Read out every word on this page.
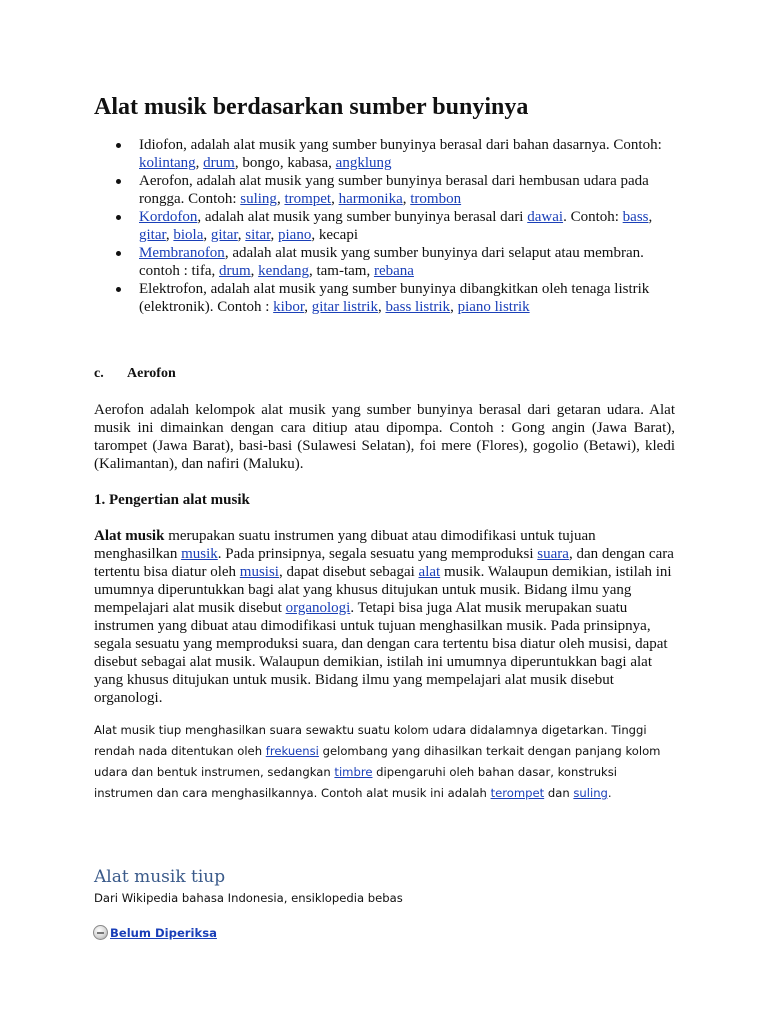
Alat musik berdasarkan sumber bunyinya
Idiofon, adalah alat musik yang sumber bunyinya berasal dari bahan dasarnya. Contoh: kolintang, drum, bongo, kabasa, angklung
Aerofon, adalah alat musik yang sumber bunyinya berasal dari hembusan udara pada rongga. Contoh: suling, trompet, harmonika, trombon
Kordofon, adalah alat musik yang sumber bunyinya berasal dari dawai. Contoh: bass, gitar, biola, gitar, sitar, piano, kecapi
Membranofon, adalah alat musik yang sumber bunyinya dari selaput atau membran. contoh : tifa, drum, kendang, tam-tam, rebana
Elektrofon, adalah alat musik yang sumber bunyinya dibangkitkan oleh tenaga listrik (elektronik). Contoh : kibor, gitar listrik, bass listrik, piano listrik
c. Aerofon

Aerofon adalah kelompok alat musik yang sumber bunyinya berasal dari getaran udara. Alat musik ini dimainkan dengan cara ditiup atau dipompa. Contoh : Gong angin (Jawa Barat), tarompet (Jawa Barat), basi-basi (Sulawesi Selatan), foi mere (Flores), gogolio (Betawi), kledi (Kalimantan), dan nafiri (Maluku).

1. Pengertian alat musik

Alat musik merupakan suatu instrumen yang dibuat atau dimodifikasi untuk tujuan menghasilkan musik. Pada prinsipnya, segala sesuatu yang memproduksi suara, dan dengan cara tertentu bisa diatur oleh musisi, dapat disebut sebagai alat musik. Walaupun demikian, istilah ini umumnya diperuntukkan bagi alat yang khusus ditujukan untuk musik. Bidang ilmu yang mempelajari alat musik disebut organologi. Tetapi bisa juga Alat musik merupakan suatu instrumen yang dibuat atau dimodifikasi untuk tujuan menghasilkan musik. Pada prinsipnya, segala sesuatu yang memproduksi suara, dan dengan cara tertentu bisa diatur oleh musisi, dapat disebut sebagai alat musik. Walaupun demikian, istilah ini umumnya diperuntukkan bagi alat yang khusus ditujukan untuk musik. Bidang ilmu yang mempelajari alat musik disebut organologi.

Alat musik tiup menghasilkan suara sewaktu suatu kolom udara didalamnya digetarkan. Tinggi rendah nada ditentukan oleh frekuensi gelombang yang dihasilkan terkait dengan panjang kolom udara dan bentuk instrumen, sedangkan timbre dipengaruhi oleh bahan dasar, konstruksi instrumen dan cara menghasilkannya. Contoh alat musik ini adalah terompet dan suling.

Alat musik tiup

Dari Wikipedia bahasa Indonesia, ensiklopedia bebas

Belum Diperiksa
